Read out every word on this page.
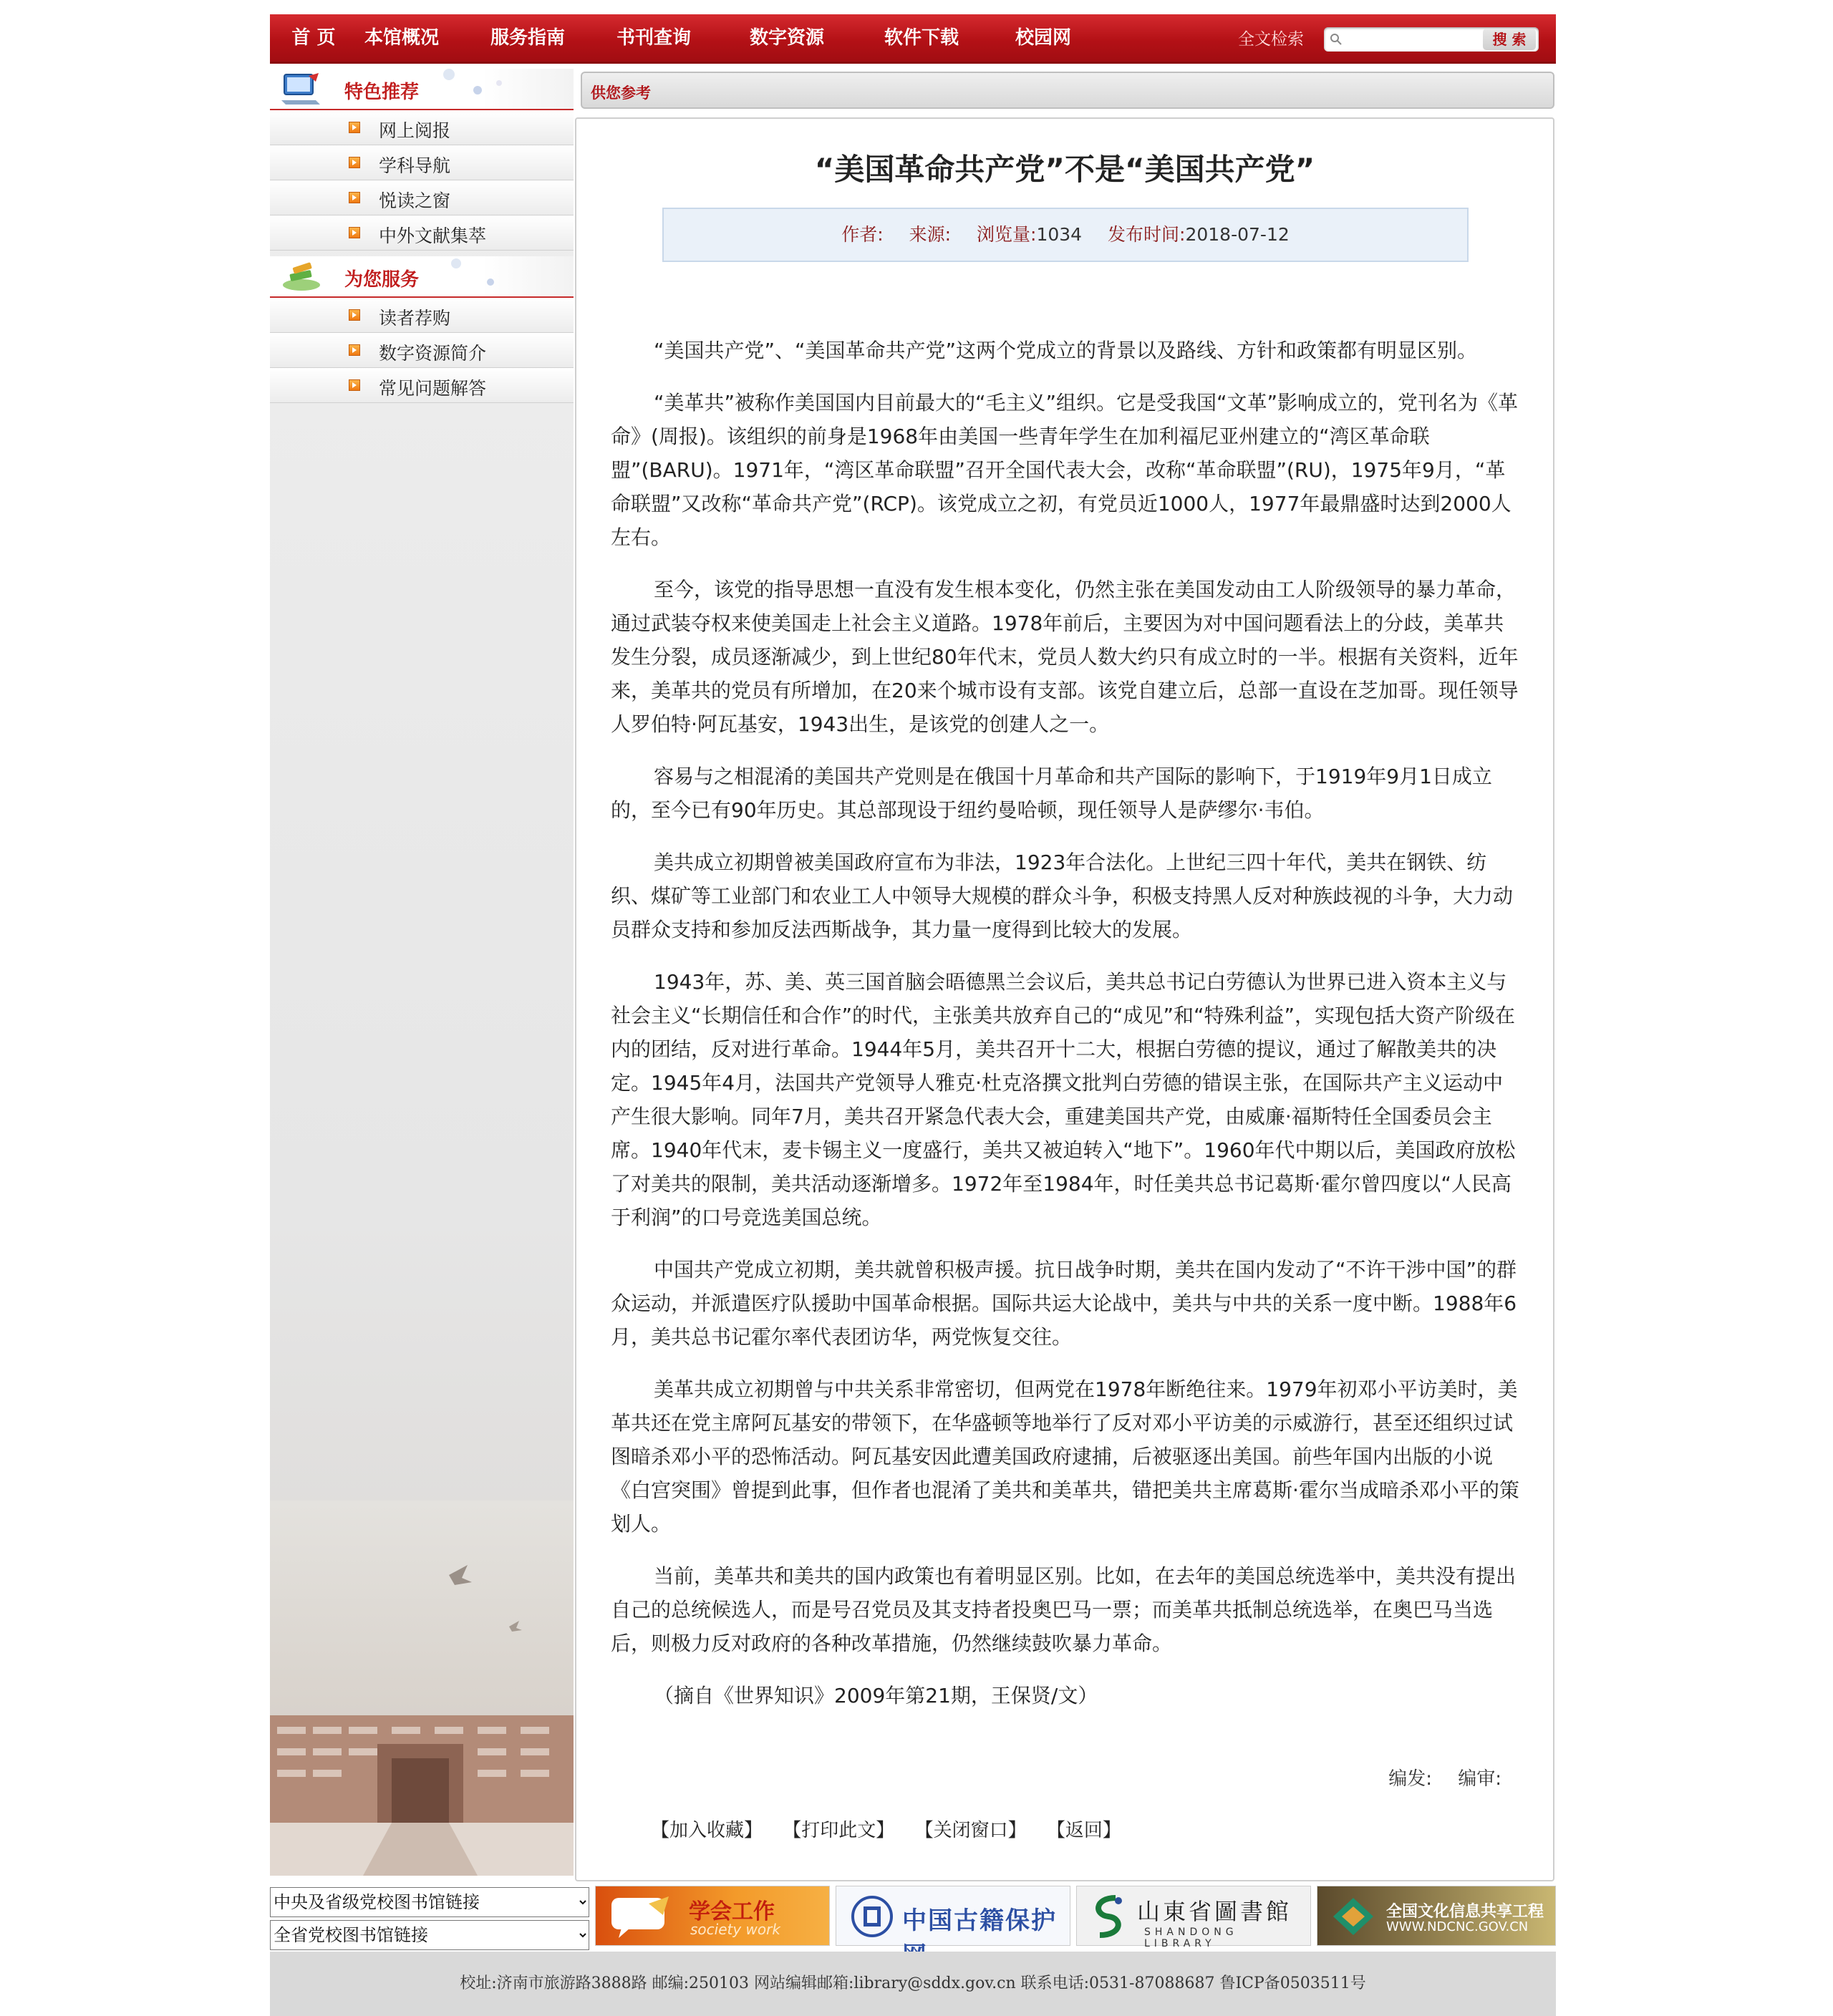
首 页	本馆概况	服务指南	书刊查询	数字资源	软件下载	校园网	全文检索	搜 索
特色推荐
网上阅报
学科导航
悦读之窗
中外文献集萃
为您服务
读者荐购
数字资源简介
常见问题解答
供您参考
“美国革命共产党”不是“美国共产党”
作者: 来源: 浏览量:1034 发布时间:2018-07-12

“美国共产党”、“美国革命共产党”这两个党成立的背景以及路线、方针和政策都有明显区别。

“美革共”被称作美国国内目前最大的“毛主义”组织。它是受我国“文革”影响成立的，党刊名为《革命》(周报)。该组织的前身是1968年由美国一些青年学生在加利福尼亚州建立的“湾区革命联盟”(BARU)。1971年，“湾区革命联盟”召开全国代表大会，改称“革命联盟”(RU)，1975年9月，“革命联盟”又改称“革命共产党”(RCP)。该党成立之初，有党员近1000人，1977年最鼎盛时达到2000人左右。

至今，该党的指导思想一直没有发生根本变化，仍然主张在美国发动由工人阶级领导的暴力革命，通过武装夺权来使美国走上社会主义道路。1978年前后，主要因为对中国问题看法上的分歧，美革共发生分裂，成员逐渐减少，到上世纪80年代末，党员人数大约只有成立时的一半。根据有关资料，近年来，美革共的党员有所增加，在20来个城市设有支部。该党自建立后，总部一直设在芝加哥。现任领导人罗伯特·阿瓦基安，1943出生，是该党的创建人之一。

容易与之相混淆的美国共产党则是在俄国十月革命和共产国际的影响下，于1919年9月1日成立的，至今已有90年历史。其总部现设于纽约曼哈顿，现任领导人是萨缪尔·韦伯。

美共成立初期曾被美国政府宣布为非法，1923年合法化。上世纪三四十年代，美共在钢铁、纺织、煤矿等工业部门和农业工人中领导大规模的群众斗争，积极支持黑人反对种族歧视的斗争，大力动员群众支持和参加反法西斯战争，其力量一度得到比较大的发展。

1943年，苏、美、英三国首脑会晤德黑兰会议后，美共总书记白劳德认为世界已进入资本主义与社会主义“长期信任和合作”的时代，主张美共放弃自己的“成见”和“特殊利益”，实现包括大资产阶级在内的团结，反对进行革命。1944年5月，美共召开十二大，根据白劳德的提议，通过了解散美共的决定。1945年4月，法国共产党领导人雅克·杜克洛撰文批判白劳德的错误主张，在国际共产主义运动中产生很大影响。同年7月，美共召开紧急代表大会，重建美国共产党，由威廉·福斯特任全国委员会主席。1940年代末，麦卡锡主义一度盛行，美共又被迫转入“地下”。1960年代中期以后，美国政府放松了对美共的限制，美共活动逐渐增多。1972年至1984年，时任美共总书记葛斯·霍尔曾四度以“人民高于利润”的口号竞选美国总统。

中国共产党成立初期，美共就曾积极声援。抗日战争时期，美共在国内发动了“不许干涉中国”的群众运动，并派遣医疗队援助中国革命根据。国际共运大论战中，美共与中共的关系一度中断。1988年6月，美共总书记霍尔率代表团访华，两党恢复交往。

美革共成立初期曾与中共关系非常密切，但两党在1978年断绝往来。1979年初邓小平访美时，美革共还在党主席阿瓦基安的带领下，在华盛顿等地举行了反对邓小平访美的示威游行，甚至还组织过试图暗杀邓小平的恐怖活动。阿瓦基安因此遭美国政府逮捕，后被驱逐出美国。前些年国内出版的小说《白宫突围》曾提到此事，但作者也混淆了美共和美革共，错把美共主席葛斯·霍尔当成暗杀邓小平的策划人。

当前，美革共和美共的国内政策也有着明显区别。比如，在去年的美国总统选举中，美共没有提出自己的总统候选人，而是号召党员及其支持者投奥巴马一票；而美革共抵制总统选举，在奥巴马当选后，则极力反对政府的各种改革措施，仍然继续鼓吹暴力革命。

（摘自《世界知识》2009年第21期，王保贤/文）

编发: 编审:
【加入收藏】 【打印此文】 【关闭窗口】 【返回】
中央及省级党校图书馆链接
全省党校图书馆链接
学会工作
society work	中国古籍保护	山東省圖書館
SHANDONG LIBRARY
全国文化信息共享工程
WWW.NDCNC.GOV.CN
校址:济南市旅游路3888路 邮编:250103 网站编辑邮箱:library@sddx.gov.cn 联系电话:0531-87088687 鲁ICP备0503511号
